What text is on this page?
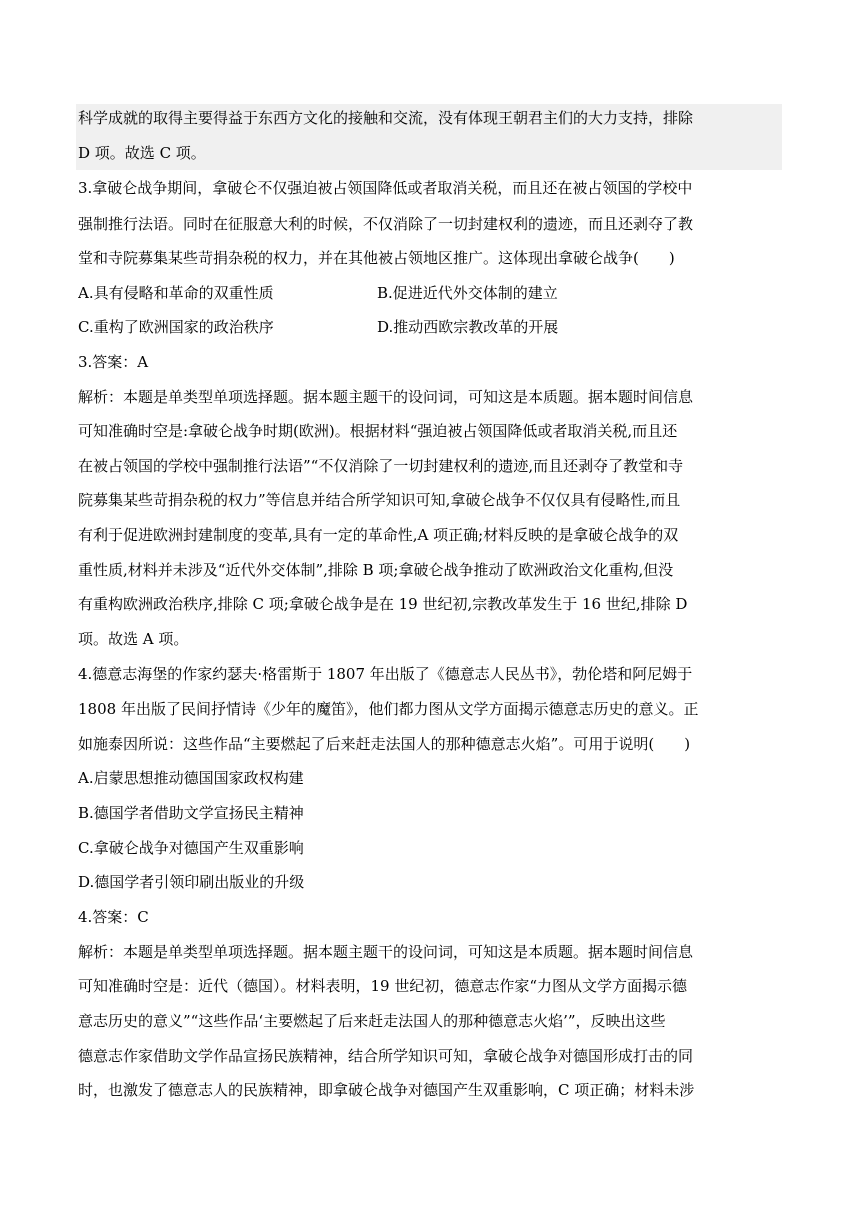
科学成就的取得主要得益于东西方文化的接触和交流，没有体现王朝君主们的大力支持，排除
D 项。故选 C 项。
3.拿破仑战争期间，拿破仑不仅强迫被占领国降低或者取消关税，而且还在被占领国的学校中
强制推行法语。同时在征服意大利的时候，不仅消除了一切封建权利的遗迹，而且还剥夺了教
堂和寺院募集某些苛捐杂税的权力，并在其他被占领地区推广。这体现出拿破仑战争(　　)
A.具有侵略和革命的双重性质	B.促进近代外交体制的建立
C.重构了欧洲国家的政治秩序	D.推动西欧宗教改革的开展
3.答案：A
解析：本题是单类型单项选择题。据本题主题干的设问词，可知这是本质题。据本题时间信息
可知准确时空是:拿破仑战争时期(欧洲)。根据材料“强迫被占领国降低或者取消关税,而且还
在被占领国的学校中强制推行法语”“不仅消除了一切封建权利的遗迹,而且还剥夺了教堂和寺
院募集某些苛捐杂税的权力”等信息并结合所学知识可知,拿破仑战争不仅仅具有侵略性,而且
有利于促进欧洲封建制度的变革,具有一定的革命性,A 项正确;材料反映的是拿破仑战争的双
重性质,材料并未涉及“近代外交体制”,排除 B 项;拿破仑战争推动了欧洲政治文化重构,但没
有重构欧洲政治秩序,排除 C 项;拿破仑战争是在 19 世纪初,宗教改革发生于 16 世纪,排除 D
项。故选 A 项。
4.德意志海堡的作家约瑟夫·格雷斯于 1807 年出版了《德意志人民丛书》，勃伦塔和阿尼姆于
1808 年出版了民间抒情诗《少年的魔笛》，他们都力图从文学方面揭示德意志历史的意义。正
如施泰因所说：这些作品“主要燃起了后来赶走法国人的那种德意志火焰”。可用于说明(　　)
A.启蒙思想推动德国国家政权构建
B.德国学者借助文学宣扬民主精神
C.拿破仑战争对德国产生双重影响
D.德国学者引领印刷出版业的升级
4.答案：C
解析：本题是单类型单项选择题。据本题主题干的设问词，可知这是本质题。据本题时间信息
可知准确时空是：近代（德国）。材料表明，19 世纪初，德意志作家“力图从文学方面揭示德
意志历史的意义”“这些作品‘主要燃起了后来赶走法国人的那种德意志火焰’”，反映出这些
德意志作家借助文学作品宣扬民族精神，结合所学知识可知，拿破仑战争对德国形成打击的同
时，也激发了德意志人的民族精神，即拿破仑战争对德国产生双重影响，C 项正确；材料未涉
